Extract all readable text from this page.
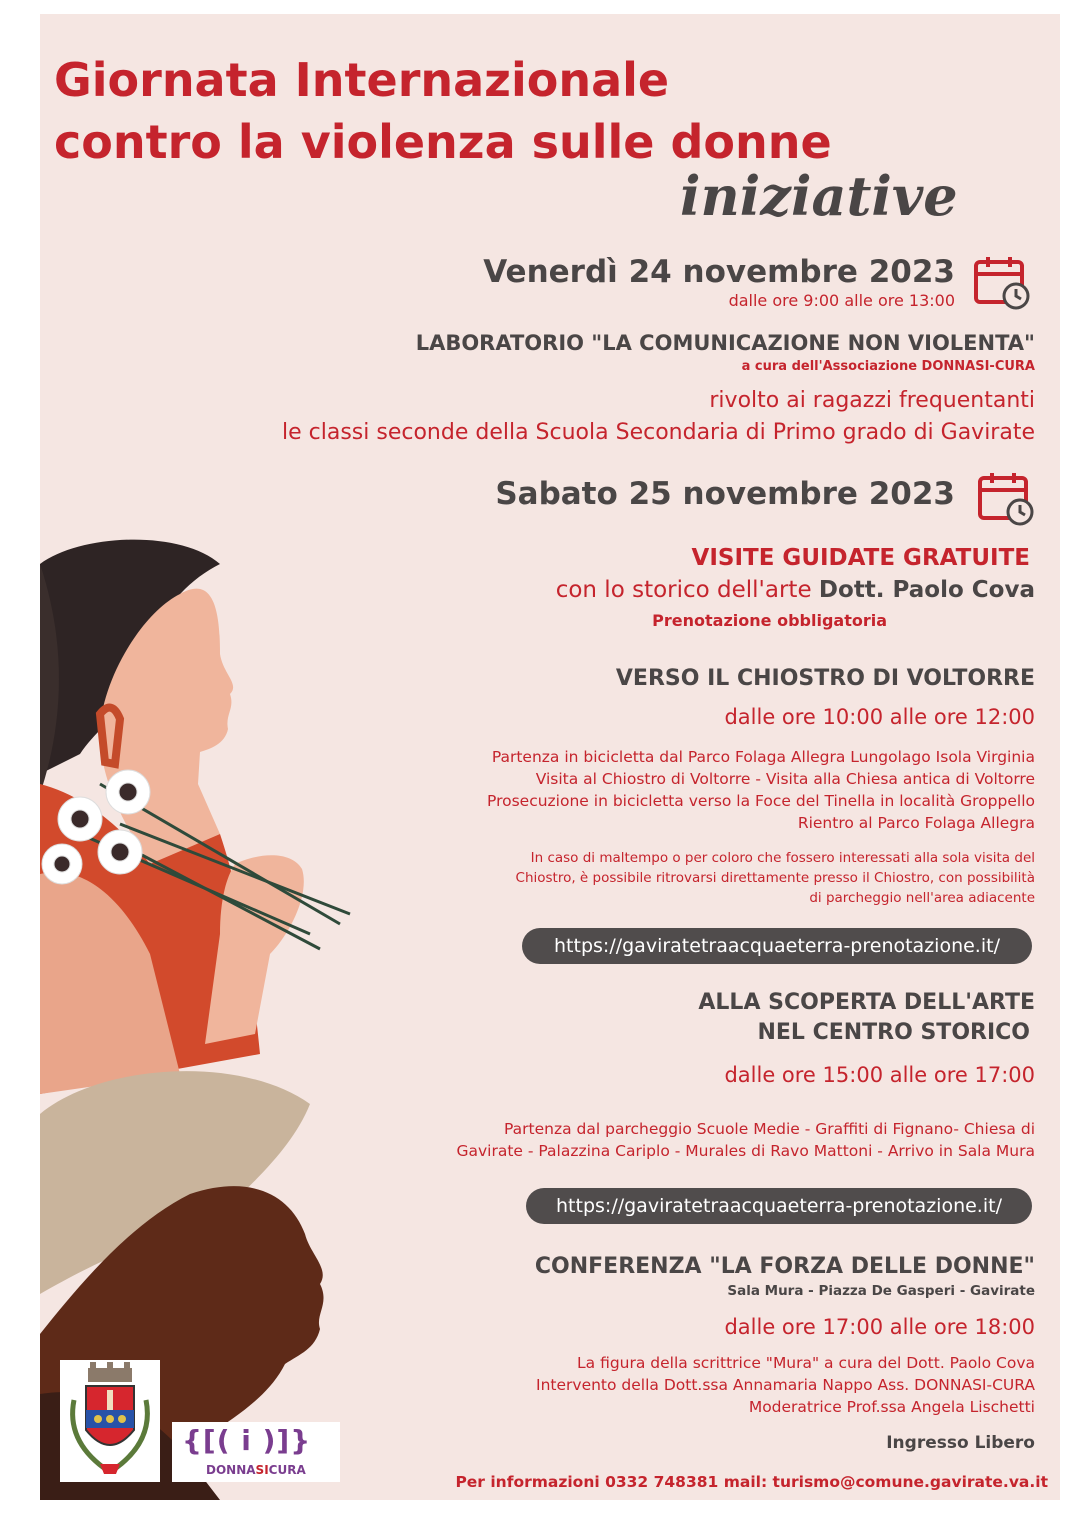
Giornata Internazionale
contro la violenza sulle donne
iniziative
Venerdì 24 novembre 2023
dalle ore 9:00 alle ore 13:00
LABORATORIO "LA COMUNICAZIONE NON VIOLENTA"
a cura dell'Associazione DONNASI-CURA
rivolto ai ragazzi frequentanti
le classi seconde della Scuola Secondaria di Primo grado di Gavirate
Sabato 25 novembre 2023
VISITE GUIDATE GRATUITE
con lo storico dell'arte Dott. Paolo Cova
Prenotazione obbligatoria
VERSO IL CHIOSTRO DI VOLTORRE
dalle ore 10:00 alle ore 12:00
Partenza in bicicletta dal Parco Folaga Allegra Lungolago Isola Virginia
Visita al Chiostro di Voltorre - Visita alla Chiesa antica di Voltorre
Prosecuzione in bicicletta verso la Foce del Tinella in località Groppello
Rientro al Parco Folaga Allegra
In caso di maltempo o per coloro che fossero interessati alla sola visita del
Chiostro, è possibile ritrovarsi direttamente presso il Chiostro, con possibilità
di parcheggio nell'area adiacente
https://gaviratetraacquaeterra-prenotazione.it/
ALLA SCOPERTA DELL'ARTE
NEL CENTRO STORICO
dalle ore 15:00 alle ore 17:00
Partenza dal parcheggio Scuole Medie - Graffiti di Fignano- Chiesa di
Gavirate - Palazzina Cariplo - Murales di Ravo Mattoni - Arrivo in Sala Mura
https://gaviratetraacquaeterra-prenotazione.it/
CONFERENZA "LA FORZA DELLE DONNE"
Sala Mura - Piazza De Gasperi - Gavirate
dalle ore 17:00 alle ore 18:00
La figura della scrittrice "Mura" a cura del Dott. Paolo Cova
Intervento della Dott.ssa Annamaria Nappo Ass. DONNASI-CURA
Moderatrice Prof.ssa Angela Lischetti
Ingresso Libero
Per informazioni 0332 748381 mail: turismo@comune.gavirate.va.it
{[( i )]}
DONNASICURA
